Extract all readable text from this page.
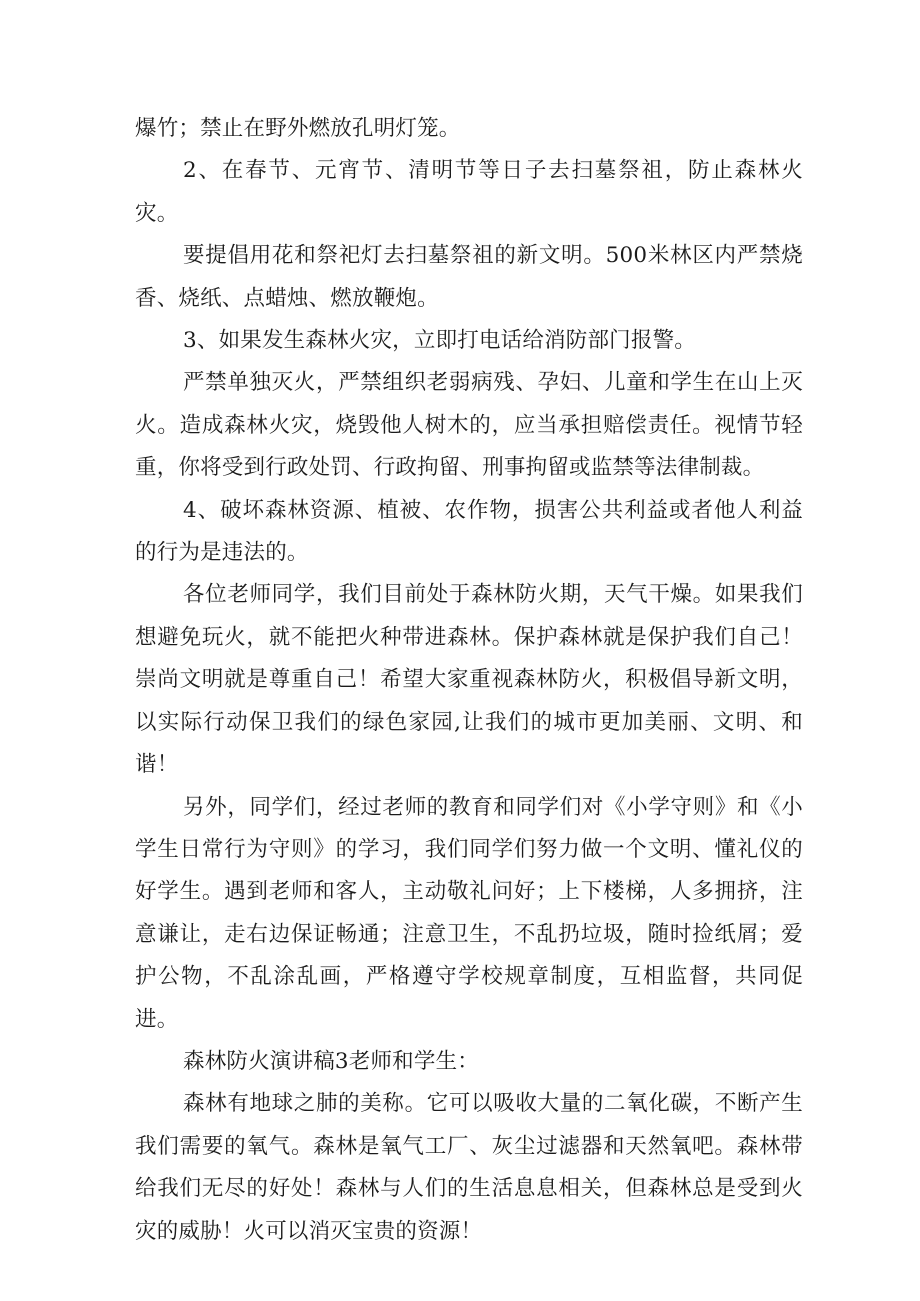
爆竹；禁止在野外燃放孔明灯笼。

2、在春节、元宵节、清明节等日子去扫墓祭祖，防止森林火灾。

要提倡用花和祭祀灯去扫墓祭祖的新文明。500米林区内严禁烧香、烧纸、点蜡烛、燃放鞭炮。

3、如果发生森林火灾，立即打电话给消防部门报警。

严禁单独灭火，严禁组织老弱病残、孕妇、儿童和学生在山上灭火。造成森林火灾，烧毁他人树木的，应当承担赔偿责任。视情节轻重，你将受到行政处罚、行政拘留、刑事拘留或监禁等法律制裁。

4、破坏森林资源、植被、农作物，损害公共利益或者他人利益的行为是违法的。

各位老师同学，我们目前处于森林防火期，天气干燥。如果我们想避免玩火，就不能把火种带进森林。保护森林就是保护我们自己！崇尚文明就是尊重自己！希望大家重视森林防火，积极倡导新文明，以实际行动保卫我们的绿色家园,让我们的城市更加美丽、文明、和谐！

另外，同学们，经过老师的教育和同学们对《小学守则》和《小学生日常行为守则》的学习，我们同学们努力做一个文明、懂礼仪的好学生。遇到老师和客人，主动敬礼问好；上下楼梯，人多拥挤，注意谦让，走右边保证畅通；注意卫生，不乱扔垃圾，随时捡纸屑；爱护公物，不乱涂乱画，严格遵守学校规章制度，互相监督，共同促进。

森林防火演讲稿3老师和学生：

森林有地球之肺的美称。它可以吸收大量的二氧化碳，不断产生我们需要的氧气。森林是氧气工厂、灰尘过滤器和天然氧吧。森林带给我们无尽的好处！森林与人们的生活息息相关，但森林总是受到火灾的威胁！火可以消灭宝贵的资源！
